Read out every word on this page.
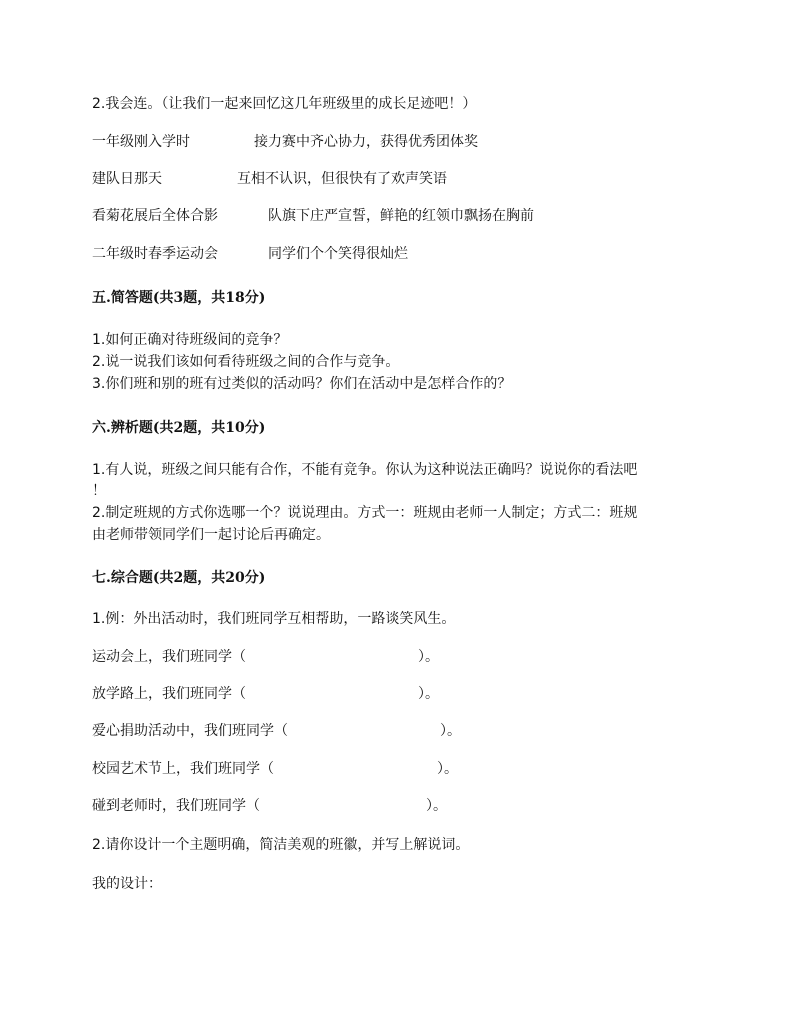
2.我会连。（让我们一起来回忆这几年班级里的成长足迹吧！）
一年级刚入学时	接力赛中齐心协力，获得优秀团体奖
建队日那天	互相不认识，但很快有了欢声笑语
看菊花展后全体合影	队旗下庄严宣誓，鲜艳的红领巾飘扬在胸前
二年级时春季运动会	同学们个个笑得很灿烂
五.简答题(共3题，共18分)
1.如何正确对待班级间的竞争？
2.说一说我们该如何看待班级之间的合作与竞争。
3.你们班和别的班有过类似的活动吗？你们在活动中是怎样合作的？
六.辨析题(共2题，共10分)
1.有人说，班级之间只能有合作，不能有竞争。你认为这种说法正确吗？说说你的看法吧
！
2.制定班规的方式你选哪一个？说说理由。方式一：班规由老师一人制定；方式二：班规
由老师带领同学们一起讨论后再确定。
七.综合题(共2题，共20分)
1.例：外出活动时，我们班同学互相帮助，一路谈笑风生。
运动会上，我们班同学（	）。
放学路上，我们班同学（	）。
爱心捐助活动中，我们班同学（	）。
校园艺术节上，我们班同学（	）。
碰到老师时，我们班同学（	）。
2.请你设计一个主题明确，简洁美观的班徽，并写上解说词。
我的设计：
